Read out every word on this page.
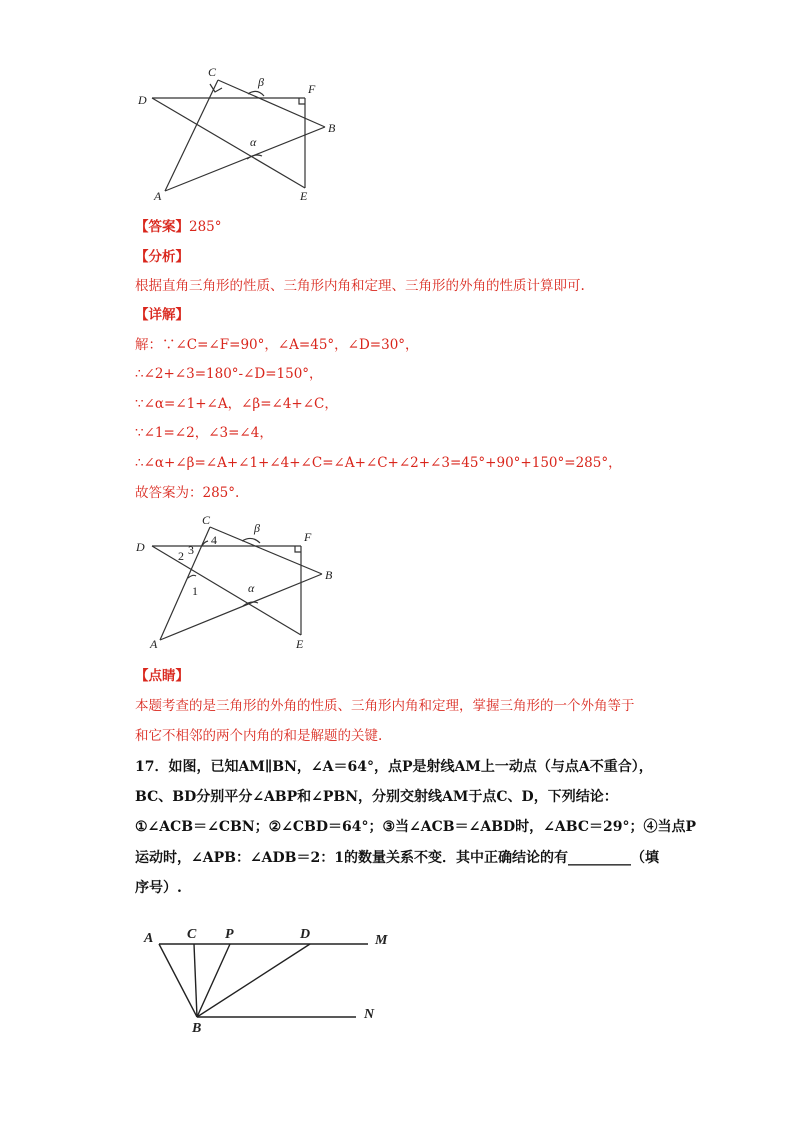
C
β	F
D
B
α
A	E
【答案】285°
【分析】
根据直角三角形的性质、三角形内角和定理、三角形的外角的性质计算即可.
【详解】
解：∵∠C=∠F=90°，∠A=45°，∠D=30°，
∴∠2+∠3=180°-∠D=150°，
∵∠α=∠1+∠A，∠β=∠4+∠C，
∵∠1=∠2，∠3=∠4，
∴∠α+∠β=∠A+∠1+∠4+∠C=∠A+∠C+∠2+∠3=45°+90°+150°=285°，
故答案为：285°.
C
β
F
D
2 3
4
B
1	α
A	E
【点睛】
本题考查的是三角形的外角的性质、三角形内角和定理，掌握三角形的一个外角等于
和它不相邻的两个内角的和是解题的关键.
17．如图，已知AM∥BN，∠A＝64°，点P是射线AM上一动点（与点A不重合），
BC、BD分别平分∠ABP和∠PBN，分别交射线AM于点C、D，下列结论：
①∠ACB＝∠CBN；②∠CBD＝64°；③当∠ACB＝∠ABD时，∠ABC＝29°；④当点P
运动时，∠APB：∠ADB＝2：1的数量关系不变．其中正确结论的有_________（填
序号）.
A C P	D	M
B
N
